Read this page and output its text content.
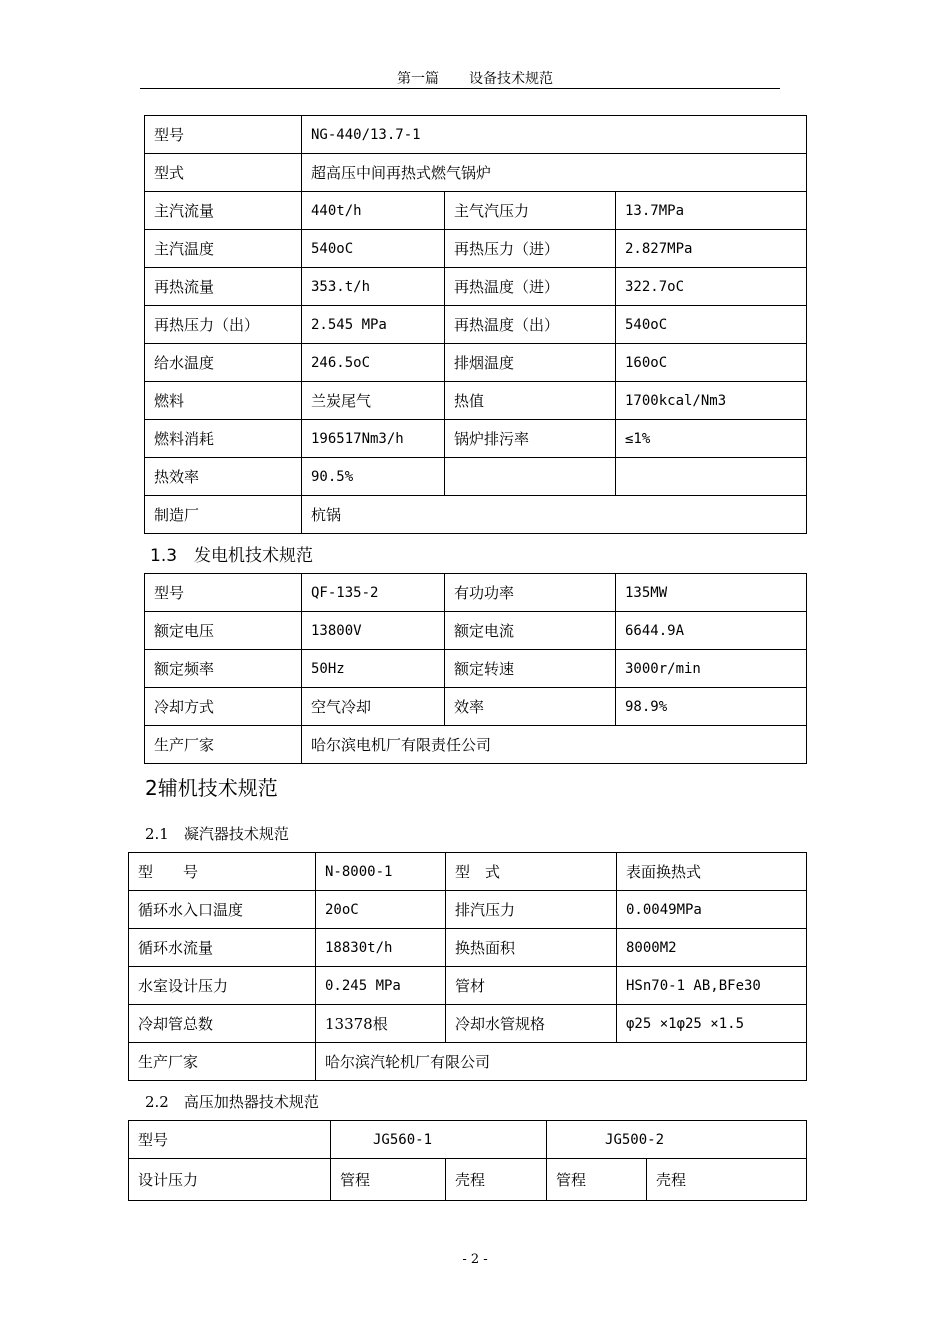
第一篇 设备技术规范
型号	NG-440/13.7-1		
型式	超高压中间再热式燃气锅炉		
主汽流量	440t/h	主气汽压力	13.7MPa
主汽温度	540oC	再热压力（进）	2.827MPa
再热流量	353.t/h	再热温度（进）	322.7oC
再热压力（出）	2.545 MPa	再热温度（出）	540oC
给水温度	246.5oC	排烟温度	160oC
燃料	兰炭尾气	热值	1700kcal/Nm3
燃料消耗	196517Nm3/h	锅炉排污率	≤1%
热效率	90.5%		
制造厂	杭锅		
1.3　发电机技术规范
型号	QF-135-2	有功功率	135MW
额定电压	13800V	额定电流	6644.9A
额定频率	50Hz	额定转速	3000r/min
冷却方式	空气冷却	效率	98.9%
生产厂家	哈尔滨电机厂有限责任公司		
2辅机技术规范
2.1　凝汽器技术规范
型　　号	N-8000-1	型　式	表面换热式
循环水入口温度	20oC	排汽压力	0.0049MPa
循环水流量	18830t/h	换热面积	8000M2
水室设计压力	0.245 MPa	管材	HSn70-1 AB,BFe30
冷却管总数	13378根	冷却水管规格	φ25 ×1φ25 ×1.5
生产厂家	哈尔滨汽轮机厂有限公司		
2.2　高压加热器技术规范
型号	JG560-1		JG500-2	
设计压力	管程	壳程	管程	壳程
- 2 -
